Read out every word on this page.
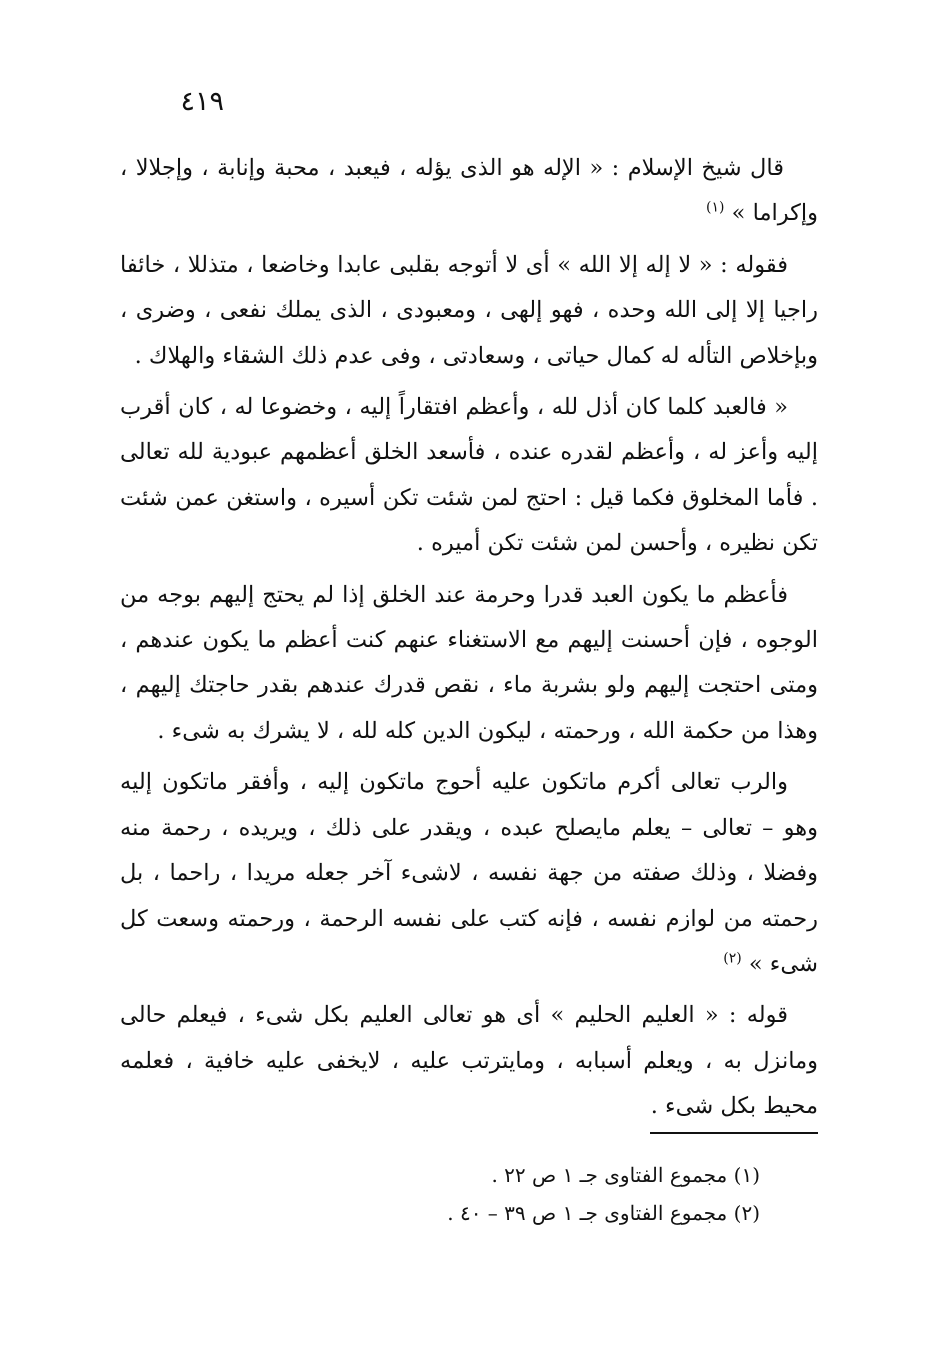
٤١٩

قال شيخ الإسلام : « الإله هو الذى يؤله ، فيعبد ، محبة وإنابة ، وإجلالا ، وإكراما » $^{(١)}$

فقوله : « لا إله إلا الله » أى لا أتوجه بقلبى عابدا وخاضعا ، متذللا ، خائفا راجيا إلا إلى الله وحده ، فهو إلهى ، ومعبودى ، الذى يملك نفعى ، وضرى ، وبإخلاص التأله له كمال حياتى ، وسعادتى ، وفى عدم ذلك الشقاء والهلاك .

« فالعبد كلما كان أذل لله ، وأعظم افتقاراً إليه ، وخضوعا له ، كان أقرب إليه وأعز له ، وأعظم لقدره عنده ، فأسعد الخلق أعظمهم عبودية لله تعالى . فأما المخلوق فكما قيل : احتج لمن شئت تكن أسيره ، واستغن عمن شئت تكن نظيره ، وأحسن لمن شئت تكن أميره .

فأعظم ما يكون العبد قدرا وحرمة عند الخلق إذا لم يحتج إليهم بوجه من الوجوه ، فإن أحسنت إليهم مع الاستغناء عنهم كنت أعظم ما يكون عندهم ، ومتى احتجت إليهم ولو بشربة ماء ، نقص قدرك عندهم بقدر حاجتك إليهم ، وهذا من حكمة الله ، ورحمته ، ليكون الدين كله لله ، لا يشرك به شىء .

والرب تعالى أكرم ماتكون عليه أحوج ماتكون إليه ، وأفقر ماتكون إليه وهو – تعالى – يعلم مايصلح عبده ، ويقدر على ذلك ، ويريده ، رحمة منه وفضلا ، وذلك صفته من جهة نفسه ، لاشىء آخر جعله مريدا ، راحما ، بل رحمته من لوازم نفسه ، فإنه كتب على نفسه الرحمة ، ورحمته وسعت كل شىء » $^{(٢)}$

قوله : « العليم الحليم » أى هو تعالى العليم بكل شىء ، فيعلم حالى ومانزل به ، ويعلم أسبابه ، ومايترتب عليه ، لايخفى عليه خافية ، فعلمه محيط بكل شىء .

(١) مجموع الفتاوى جـ ١ ص ٢٢ .
(٢) مجموع الفتاوى جـ ١ ص ٣٩ – ٤٠ .
